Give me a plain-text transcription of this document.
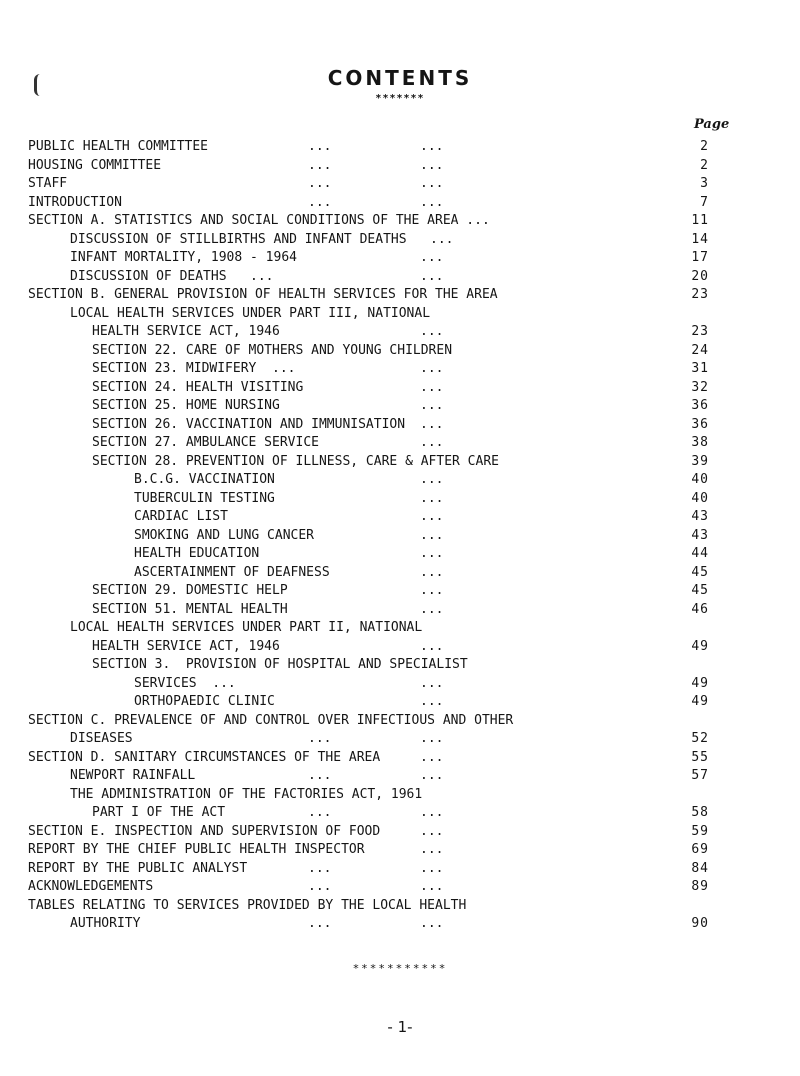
CONTENTS
*******
Page
PUBLIC HEALTH COMMITTEE	...	...	2
HOUSING COMMITTEE	...	...	2
STAFF	...	...	3
INTRODUCTION	...	...	7
SECTION A. STATISTICS AND SOCIAL CONDITIONS OF THE AREA ...	11
DISCUSSION OF STILLBIRTHS AND INFANT DEATHS   ...	14
INFANT MORTALITY, 1908 - 1964	...	17
DISCUSSION OF DEATHS   ...	...	20
SECTION B. GENERAL PROVISION OF HEALTH SERVICES FOR THE AREA	23
LOCAL HEALTH SERVICES UNDER PART III, NATIONAL
HEALTH SERVICE ACT, 1946	...	23
SECTION 22. CARE OF MOTHERS AND YOUNG CHILDREN	24
SECTION 23. MIDWIFERY  ...	...	31
SECTION 24. HEALTH VISITING	...	32
SECTION 25. HOME NURSING	...	36
SECTION 26. VACCINATION AND IMMUNISATION ...	36
SECTION 27. AMBULANCE SERVICE	...	38
SECTION 28. PREVENTION OF ILLNESS, CARE & AFTER CARE	39
B.C.G. VACCINATION	...	40
TUBERCULIN TESTING	...	40
CARDIAC LIST	...	43
SMOKING AND LUNG CANCER	...	43
HEALTH EDUCATION	...	44
ASCERTAINMENT OF DEAFNESS	...	45
SECTION 29. DOMESTIC HELP	...	45
SECTION 51. MENTAL HEALTH	...	46
LOCAL HEALTH SERVICES UNDER PART II, NATIONAL
HEALTH SERVICE ACT, 1946	...	49
SECTION 3.  PROVISION OF HOSPITAL AND SPECIALIST
SERVICES  ...	...	49
ORTHOPAEDIC CLINIC	...	49
SECTION C. PREVALENCE OF AND CONTROL OVER INFECTIOUS AND OTHER
DISEASES	...	...	52
SECTION D. SANITARY CIRCUMSTANCES OF THE AREA	...	55
NEWPORT RAINFALL	...	...	57
THE ADMINISTRATION OF THE FACTORIES ACT, 1961
PART I OF THE ACT	...	...	58
SECTION E. INSPECTION AND SUPERVISION OF FOOD	...	59
REPORT BY THE CHIEF PUBLIC HEALTH INSPECTOR	...	69
REPORT BY THE PUBLIC ANALYST	...	...	84
ACKNOWLEDGEMENTS	...	...	89
TABLES RELATING TO SERVICES PROVIDED BY THE LOCAL HEALTH
AUTHORITY	...	...	90
***********
- 1-
